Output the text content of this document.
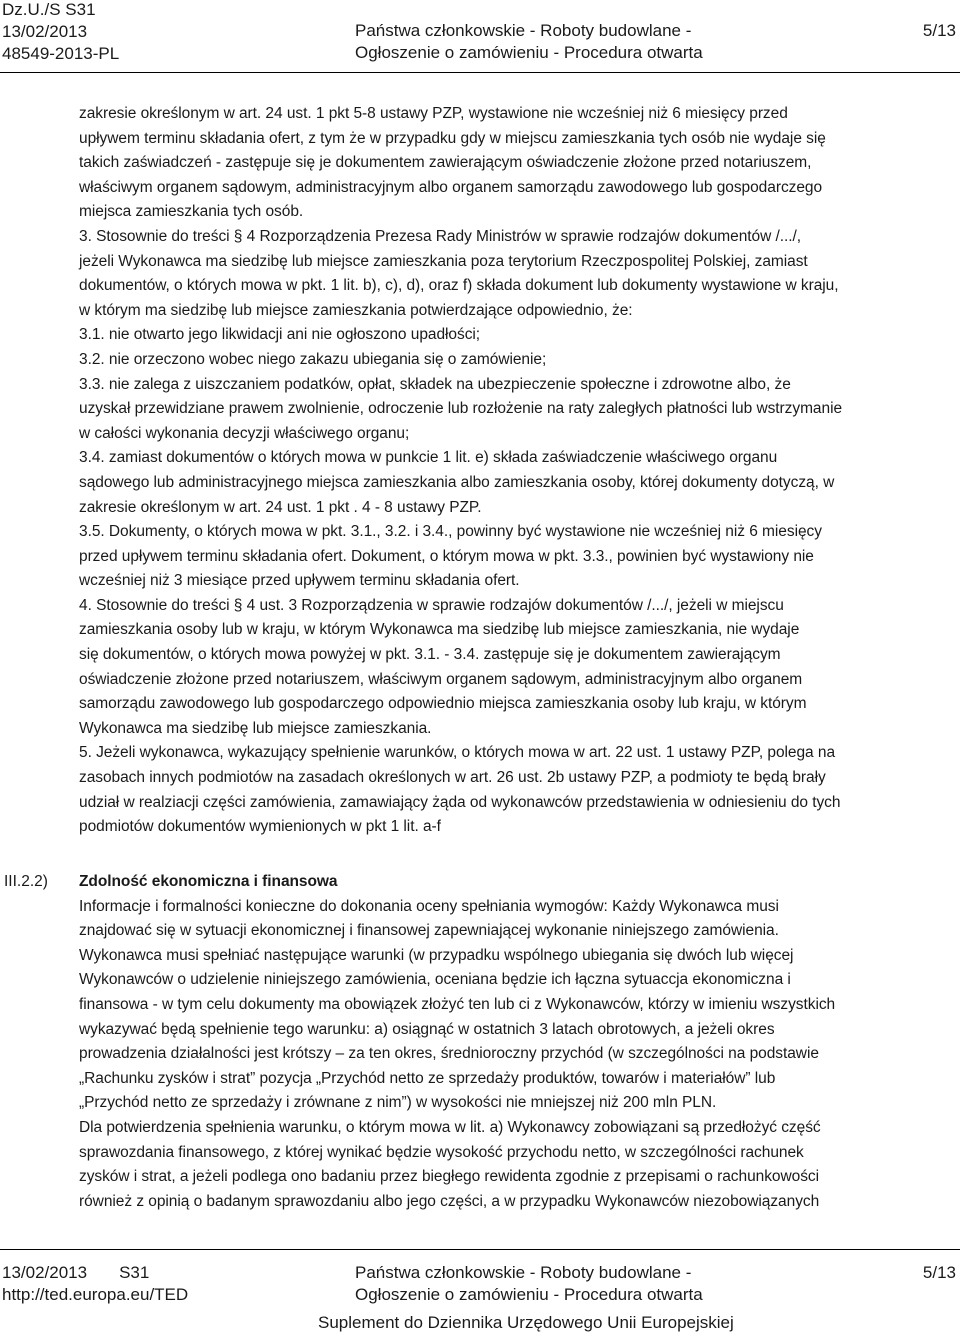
Dz.U./S S31
13/02/2013
48549-2013-PL
Państwa członkowskie - Roboty budowlane -
Ogłoszenie o zamówieniu - Procedura otwarta
5/13
zakresie określonym w art. 24 ust. 1 pkt 5-8 ustawy PZP, wystawione nie wcześniej niż 6 miesięcy przed
upływem terminu składania ofert, z tym że w przypadku gdy w miejscu zamieszkania tych osób nie wydaje się
takich zaświadczeń - zastępuje się je dokumentem zawierającym oświadczenie złożone przed notariuszem,
właściwym organem sądowym, administracyjnym albo organem samorządu zawodowego lub gospodarczego
miejsca zamieszkania tych osób.
3. Stosownie do treści § 4 Rozporządzenia Prezesa Rady Ministrów w sprawie rodzajów dokumentów /.../,
jeżeli Wykonawca ma siedzibę lub miejsce zamieszkania poza terytorium Rzeczpospolitej Polskiej, zamiast
dokumentów, o których mowa w pkt. 1 lit. b), c), d), oraz f) składa dokument lub dokumenty wystawione w kraju,
w którym ma siedzibę lub miejsce zamieszkania potwierdzające odpowiednio, że:
3.1. nie otwarto jego likwidacji ani nie ogłoszono upadłości;
3.2. nie orzeczono wobec niego zakazu ubiegania się o zamówienie;
3.3. nie zalega z uiszczaniem podatków, opłat, składek na ubezpieczenie społeczne i zdrowotne albo, że
uzyskał przewidziane prawem zwolnienie, odroczenie lub rozłożenie na raty zaległych płatności lub wstrzymanie
w całości wykonania decyzji właściwego organu;
3.4. zamiast dokumentów o których mowa w punkcie 1 lit. e) składa zaświadczenie właściwego organu
sądowego lub administracyjnego miejsca zamieszkania albo zamieszkania osoby, której dokumenty dotyczą, w
zakresie określonym w art. 24 ust. 1 pkt . 4 - 8 ustawy PZP.
3.5. Dokumenty, o których mowa w pkt. 3.1., 3.2. i 3.4., powinny być wystawione nie wcześniej niż 6 miesięcy
przed upływem terminu składania ofert. Dokument, o którym mowa w pkt. 3.3., powinien być wystawiony nie
wcześniej niż 3 miesiące przed upływem terminu składania ofert.
4. Stosownie do treści § 4 ust. 3 Rozporządzenia w sprawie rodzajów dokumentów /.../, jeżeli w miejscu
zamieszkania osoby lub w kraju, w którym Wykonawca ma siedzibę lub miejsce zamieszkania, nie wydaje
się dokumentów, o których mowa powyżej w pkt. 3.1. - 3.4. zastępuje się je dokumentem zawierającym
oświadczenie złożone przed notariuszem, właściwym organem sądowym, administracyjnym albo organem
samorządu zawodowego lub gospodarczego odpowiednio miejsca zamieszkania osoby lub kraju, w którym
Wykonawca ma siedzibę lub miejsce zamieszkania.
5. Jeżeli wykonawca, wykazujący spełnienie warunków, o których mowa w art. 22 ust. 1 ustawy PZP, polega na
zasobach innych podmiotów na zasadach określonych w art. 26 ust. 2b ustawy PZP, a podmioty te będą brały
udział w realziacji części zamówienia, zamawiający żąda od wykonawców przedstawienia w odniesieniu do tych
podmiotów dokumentów wymienionych w pkt 1 lit. a-f
III.2.2) Zdolność ekonomiczna i finansowa
Informacje i formalności konieczne do dokonania oceny spełniania wymogów: Każdy Wykonawca musi
znajdować się w sytuacji ekonomicznej i finansowej zapewniającej wykonanie niniejszego zamówienia.
Wykonawca musi spełniać następujące warunki (w przypadku wspólnego ubiegania się dwóch lub więcej
Wykonawców o udzielenie niniejszego zamówienia, oceniana będzie ich łączna sytuaccja ekonomiczna i
finansowa - w tym celu dokumenty ma obowiązek złożyć ten lub ci z Wykonawców, którzy w imieniu wszystkich
wykazywać będą spełnienie tego warunku: a) osiągnąć w ostatnich 3 latach obrotowych, a jeżeli okres
prowadzenia działalności jest krótszy – za ten okres, średnioroczny przychód (w szczególności na podstawie
„Rachunku zysków i strat” pozycja „Przychód netto ze sprzedaży produktów, towarów i materiałów” lub
„Przychód netto ze sprzedaży i zrównane z nim”) w wysokości nie mniejszej niż 200 mln PLN.
Dla potwierdzenia spełnienia warunku, o którym mowa w lit. a) Wykonawcy zobowiązani są przedłożyć część
sprawozdania finansowego, z której wynikać będzie wysokość przychodu netto, w szczególności rachunek
zysków i strat, a jeżeli podlega ono badaniu przez biegłego rewidenta zgodnie z przepisami o rachunkowości
również z opinią o badanym sprawozdaniu albo jego części, a w przypadku Wykonawców niezobowiązanych
13/02/2013 S31
http://ted.europa.eu/TED
Państwa członkowskie - Roboty budowlane -
Ogłoszenie o zamówieniu - Procedura otwarta
5/13
Suplement do Dziennika Urzędowego Unii Europejskiej
